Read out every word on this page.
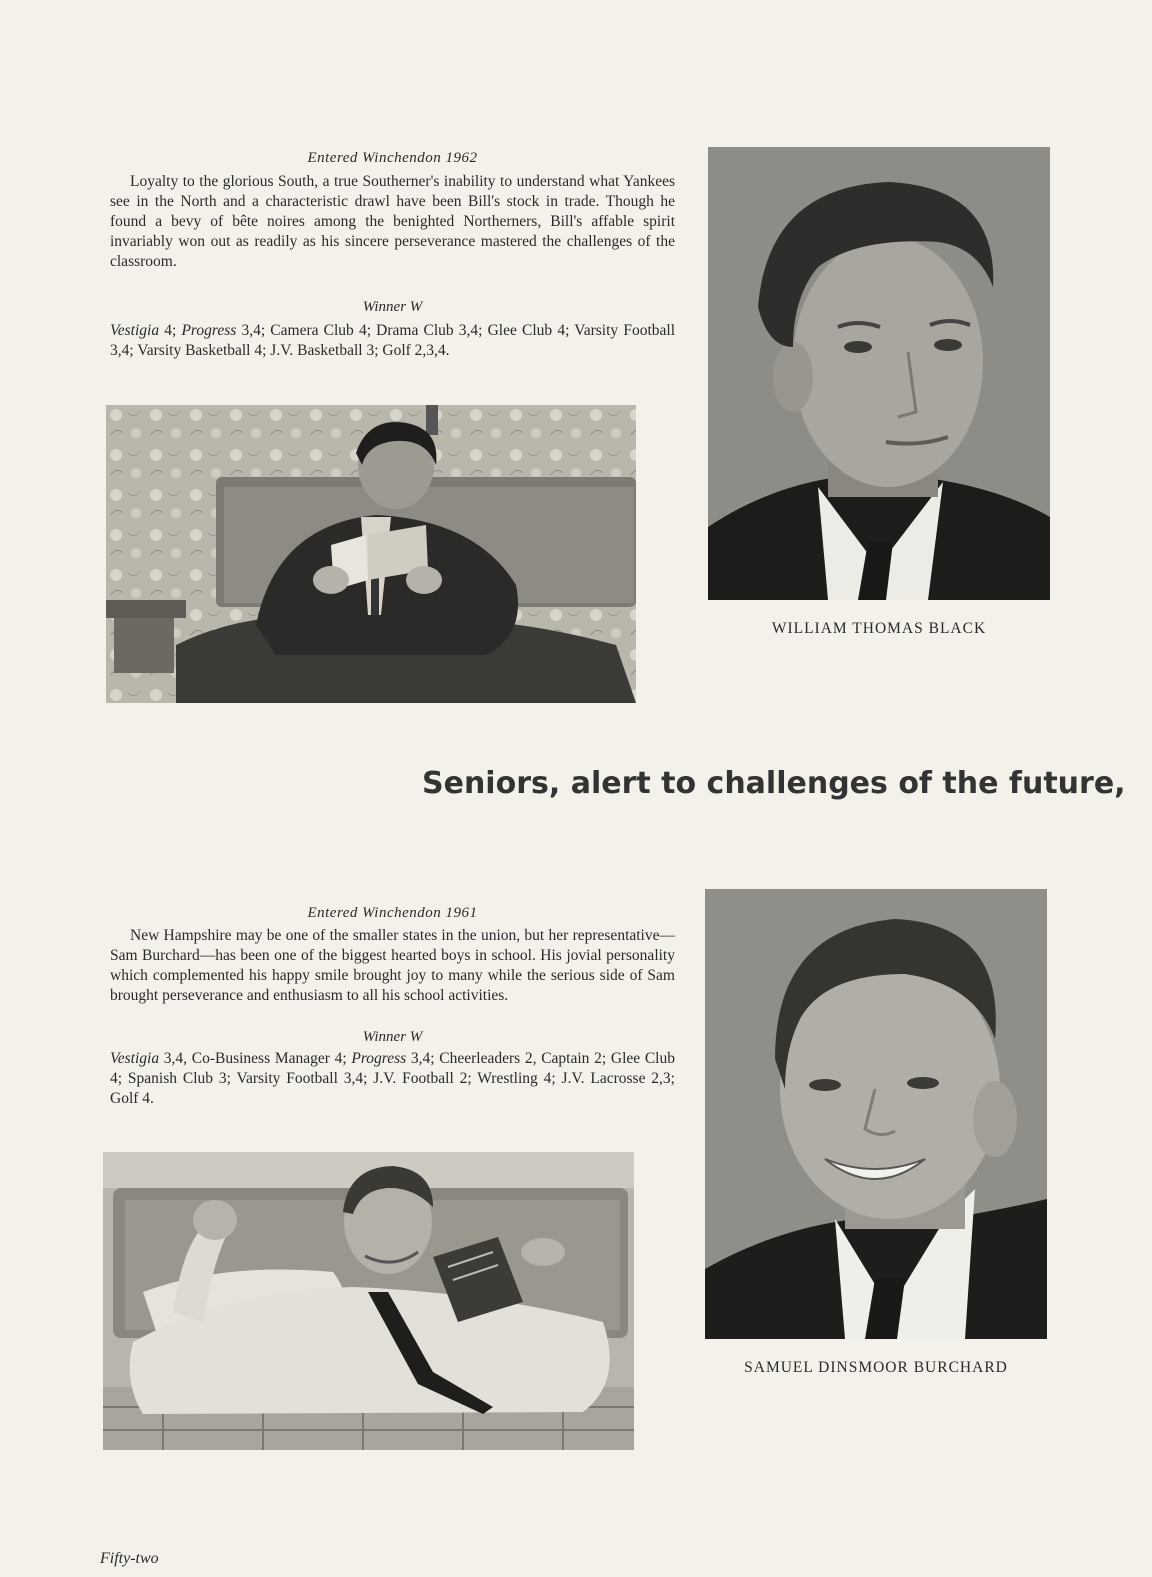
Entered Winchendon 1962
Loyalty to the glorious South, a true Southerner's inability to understand what Yankees see in the North and a characteristic drawl have been Bill's stock in trade. Though he found a bevy of bête noires among the benighted Northerners, Bill's affable spirit invariably won out as readily as his sincere perseverance mastered the challenges of the classroom.
Winner W
Vestigia 4; Progress 3,4; Camera Club 4; Drama Club 3,4; Glee Club 4; Varsity Football 3,4; Varsity Basketball 4; J.V. Basketball 3; Golf 2,3,4.
WILLIAM THOMAS BLACK
Seniors, alert to challenges of the future,
Entered Winchendon 1961
New Hampshire may be one of the smaller states in the union, but her representative—Sam Burchard—has been one of the biggest hearted boys in school. His jovial personality which complemented his happy smile brought joy to many while the serious side of Sam brought perseverance and enthusiasm to all his school activities.
Winner W
Vestigia 3,4, Co-Business Manager 4; Progress 3,4; Cheerleaders 2, Captain 2; Glee Club 4; Spanish Club 3; Varsity Football 3,4; J.V. Football 2; Wrestling 4; J.V. Lacrosse 2,3; Golf 4.
SAMUEL DINSMOOR BURCHARD
Fifty-two
